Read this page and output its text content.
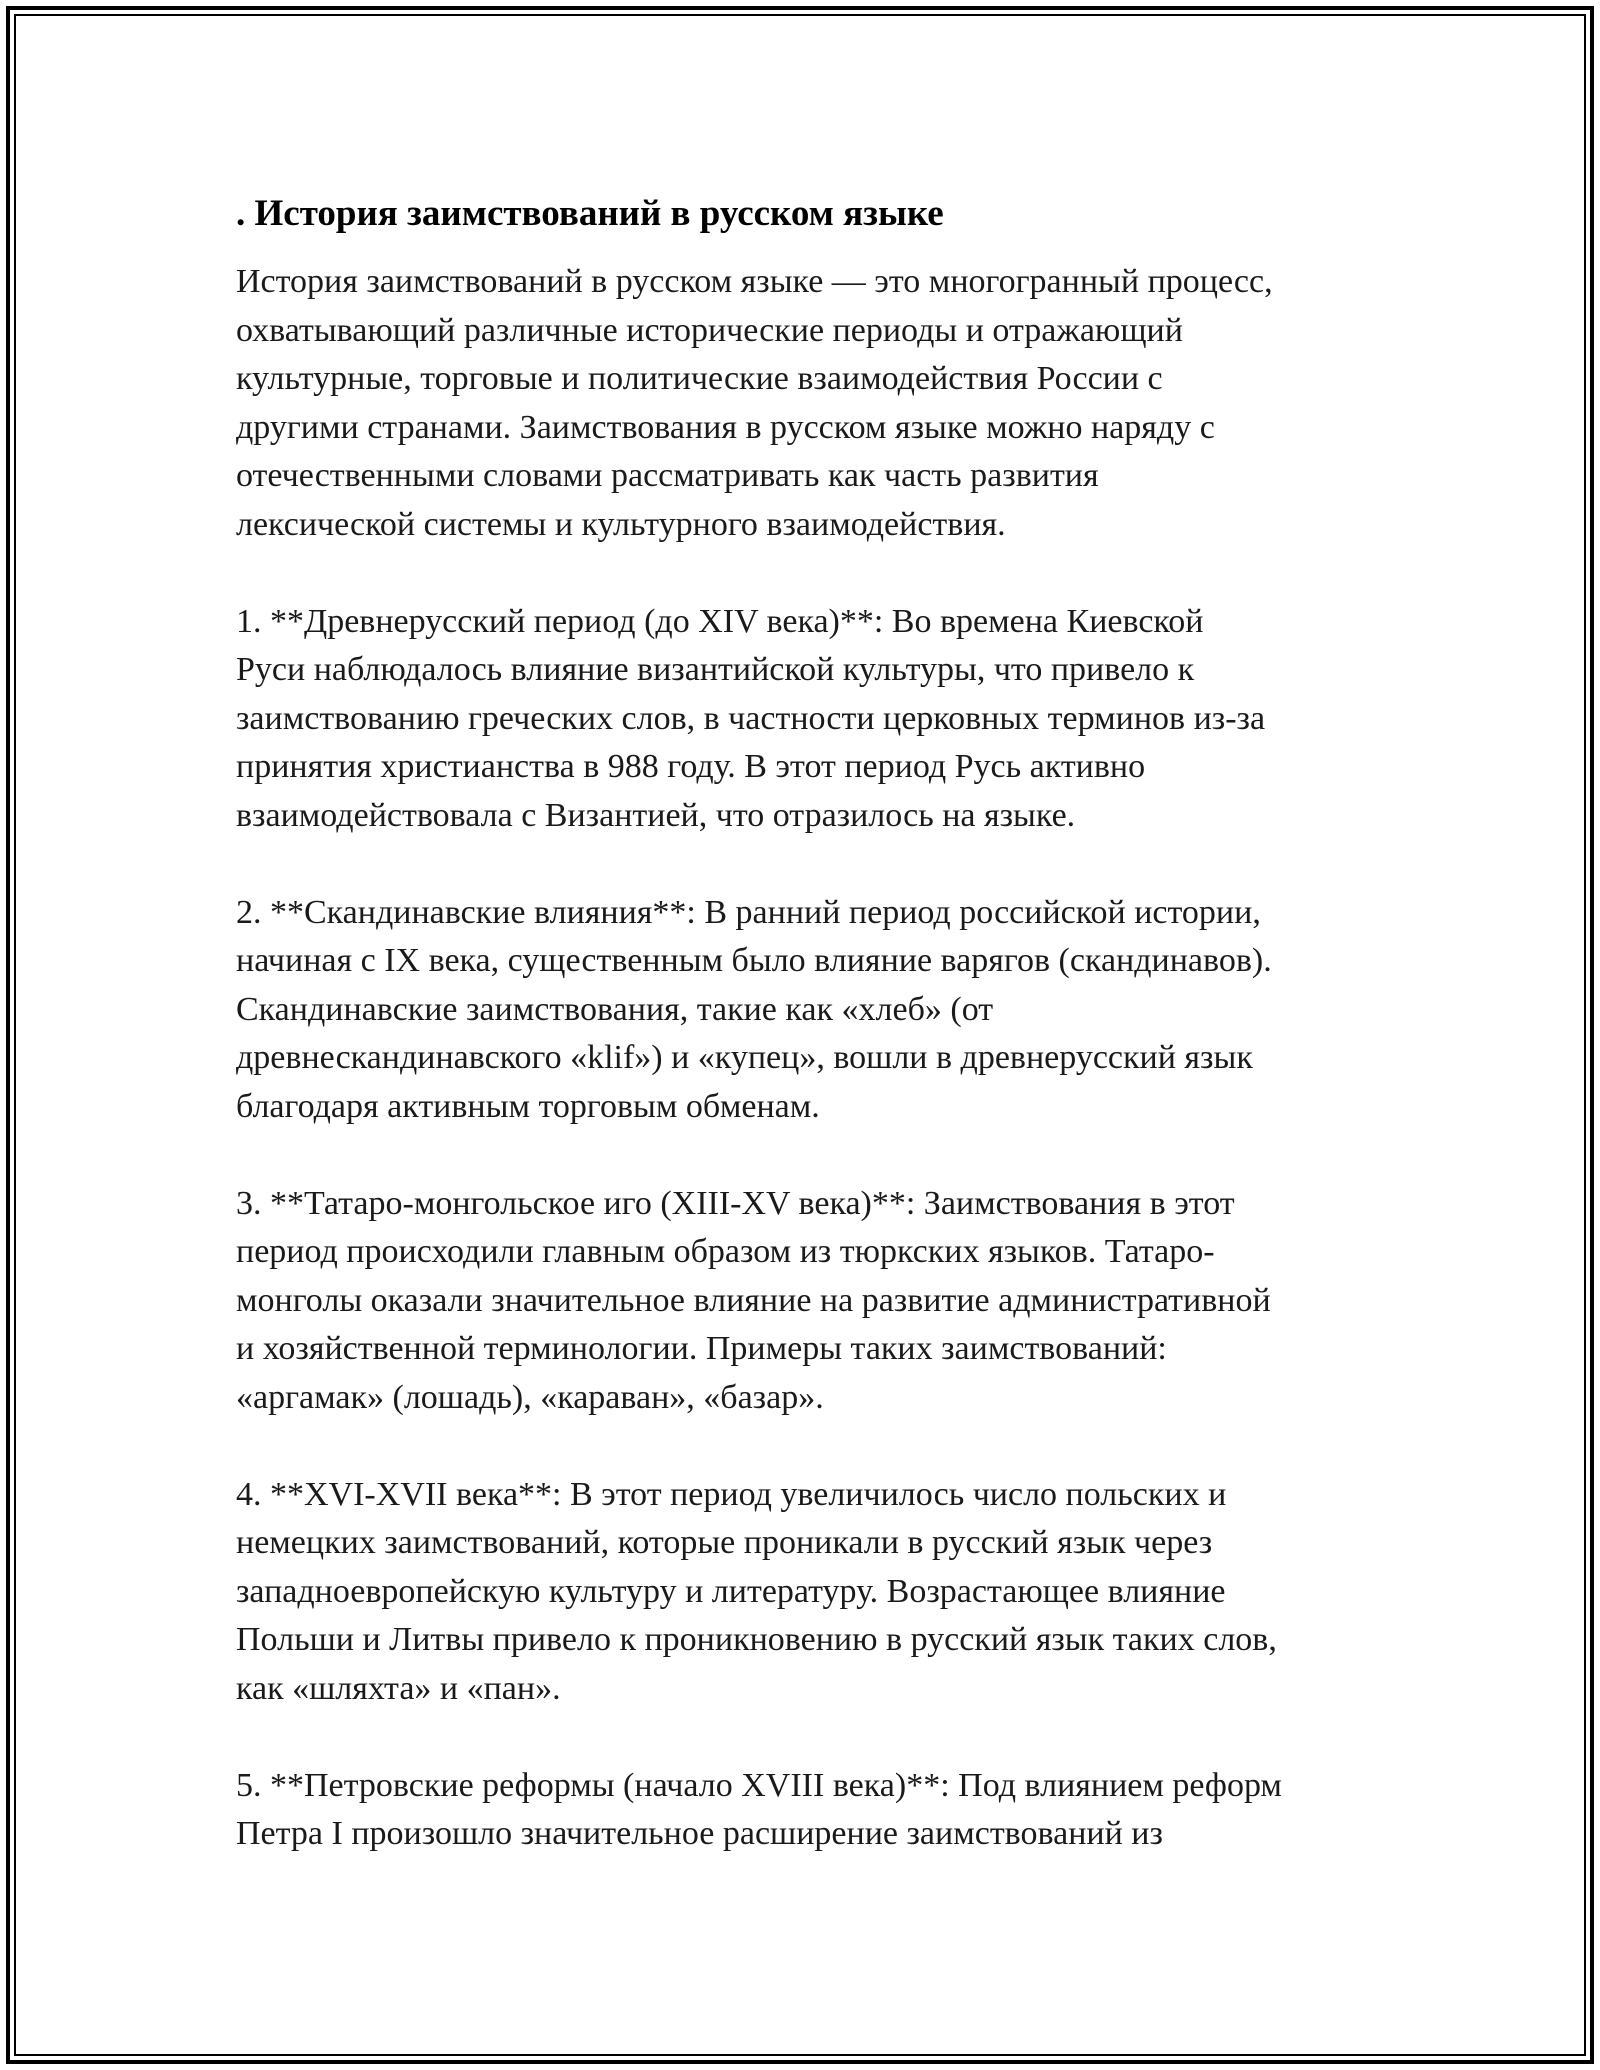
. История заимствований в русском языке

История заимствований в русском языке — это многогранный процесс,
охватывающий различные исторические периоды и отражающий
культурные, торговые и политические взаимодействия России с
другими странами. Заимствования в русском языке можно наряду с
отечественными словами рассматривать как часть развития
лексической системы и культурного взаимодействия.

1. **Древнерусский период (до XIV века)**: Во времена Киевской
Руси наблюдалось влияние византийской культуры, что привело к
заимствованию греческих слов, в частности церковных терминов из-за
принятия христианства в 988 году. В этот период Русь активно
взаимодействовала с Византией, что отразилось на языке.

2. **Скандинавские влияния**: В ранний период российской истории,
начиная с IX века, существенным было влияние варягов (скандинавов).
Скандинавские заимствования, такие как «хлеб» (от
древнескандинавского «klif») и «купец», вошли в древнерусский язык
благодаря активным торговым обменам.

3. **Татаро-монгольское иго (XIII-XV века)**: Заимствования в этот
период происходили главным образом из тюркских языков. Татаро-
монголы оказали значительное влияние на развитие административной
и хозяйственной терминологии. Примеры таких заимствований:
«аргамак» (лошадь), «караван», «базар».

4. **XVI-XVII века**: В этот период увеличилось число польских и
немецких заимствований, которые проникали в русский язык через
западноевропейскую культуру и литературу. Возрастающее влияние
Польши и Литвы привело к проникновению в русский язык таких слов,
как «шляхта» и «пан».

5. **Петровские реформы (начало XVIII века)**: Под влиянием реформ
Петра I произошло значительное расширение заимствований из
